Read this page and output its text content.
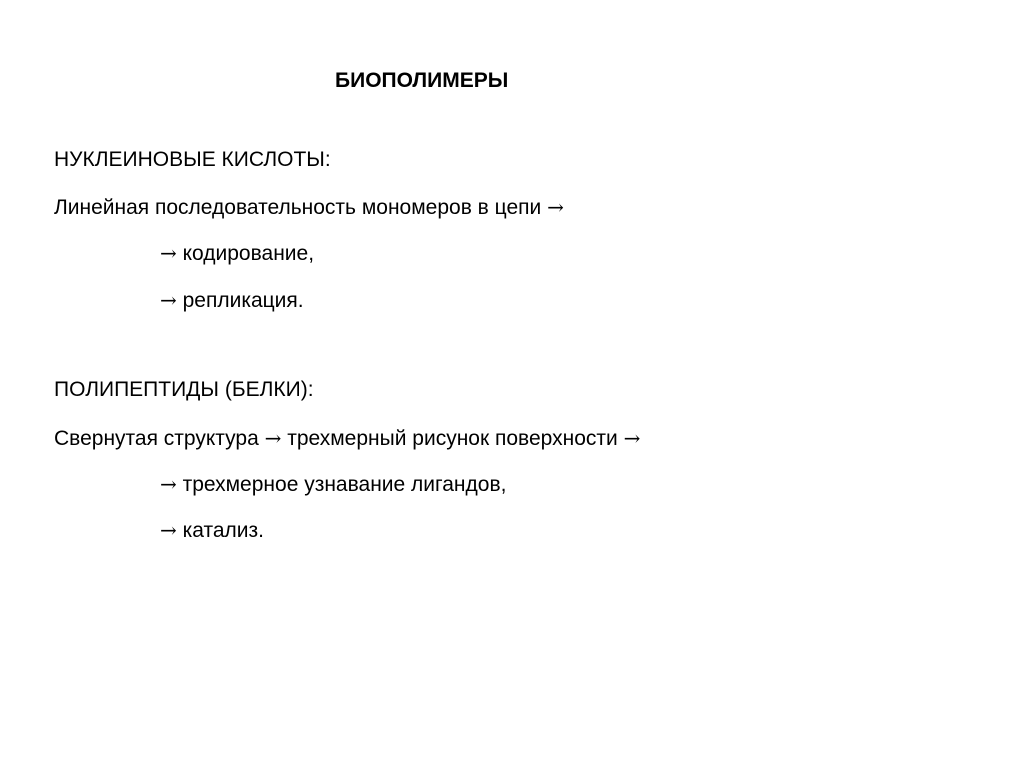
БИОПОЛИМЕРЫ
НУКЛЕИНОВЫЕ КИСЛОТЫ:
Линейная последовательность мономеров в цепи →
→ кодирование,
→ репликация.
ПОЛИПЕПТИДЫ (БЕЛКИ):
Свернутая структура → трехмерный рисунок поверхности →
→ трехмерное узнавание лигандов,
→ катализ.
